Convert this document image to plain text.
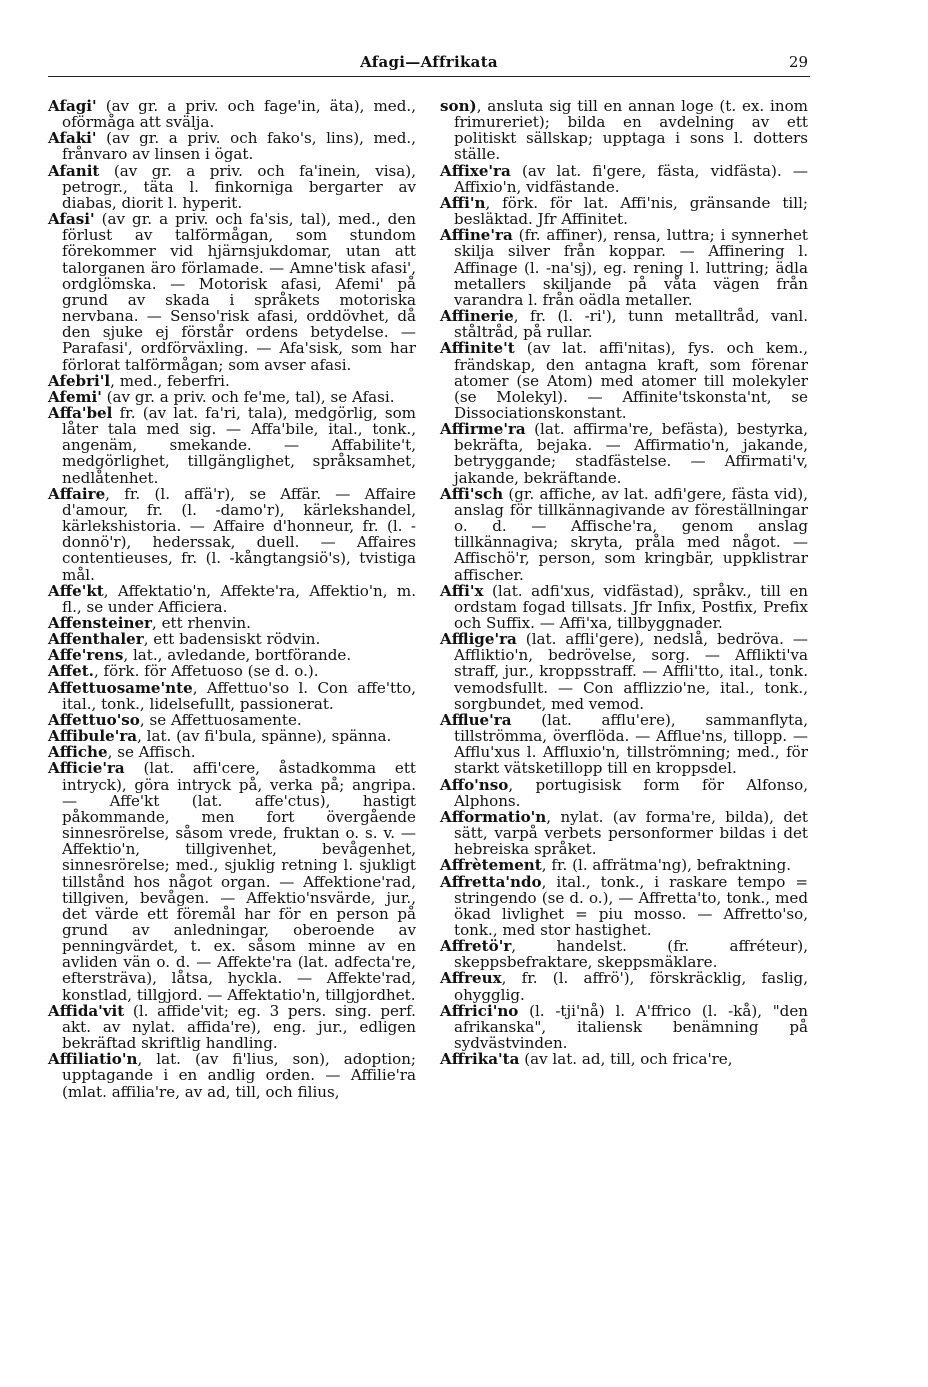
Afagi—Affrikata	29

Afagi' (av gr. a priv. och fage'in, äta), med., oförmåga att svälja.

Afaki' (av gr. a priv. och fako's, lins), med., frånvaro av linsen i ögat.

Afanit (av gr. a priv. och fa'inein, visa), petrogr., täta l. finkorniga bergarter av diabas, diorit l. hyperit.

Afasi' (av gr. a priv. och fa'sis, tal), med., den förlust av talförmågan, som stundom förekommer vid hjärnsjukdomar, utan att talorganen äro förlamade. — Amne'tisk afasi', ordglömska. — Motorisk afasi, Afemi' på grund av skada i språkets motoriska nervbana. — Senso'risk afasi, orddövhet, då den sjuke ej förstår ordens betydelse. — Parafasi', ordförväxling. — Afa'sisk, som har förlorat talförmågan; som avser afasi.

Afebri'l, med., feberfri.

Afemi' (av gr. a priv. och fe'me, tal), se Afasi.

Affa'bel fr. (av lat. fa'ri, tala), medgörlig, som låter tala med sig. — Affa'bile, ital., tonk., angenäm, smekande. — Affabilite't, medgörlighet, tillgänglighet, språksamhet, nedlåtenhet.

Affaire, fr. (l. affä'r), se Affär. — Affaire d'amour, fr. (l. -damo'r), kärlekshandel, kärlekshistoria. — Affaire d'honneur, fr. (l. -donnö'r), hederssak, duell. — Affaires contentieuses, fr. (l. -kångtangsiö's), tvistiga mål.

Affe'kt, Affektatio'n, Affekte'ra, Affektio'n, m. fl., se under Afficiera.

Affensteiner, ett rhenvin.

Affenthaler, ett badensiskt rödvin.

Affe'rens, lat., avledande, bortförande.

Affet., förk. för Affetuoso (se d. o.).

Affettuosame'nte, Affettuo'so l. Con affe'tto, ital., tonk., lidelsefullt, passionerat.

Affettuo'so, se Affettuosamente.

Affibule'ra, lat. (av fi'bula, spänne), spänna.

Affiche, se Affisch.

Afficie'ra (lat. affi'cere, åstadkomma ett intryck), göra intryck på, verka på; angripa. — Affe'kt (lat. affe'ctus), hastigt påkommande, men fort övergående sinnesrörelse, såsom vrede, fruktan o. s. v. — Affektio'n, tillgivenhet, bevågenhet, sinnesrörelse; med., sjuklig retning l. sjukligt tillstånd hos något organ. — Affektione'rad, tillgiven, bevågen. — Affektio'nsvärde, jur., det värde ett föremål har för en person på grund av anledningar, oberoende av penningvärdet, t. ex. såsom minne av en avliden vän o. d. — Affekte'ra (lat. adfecta're, eftersträva), låtsa, hyckla. — Affekte'rad, konstlad, tillgjord. — Affektatio'n, tillgjordhet.

Affida'vit (l. affide'vit; eg. 3 pers. sing. perf. akt. av nylat. affida're), eng. jur., edligen bekräftad skriftlig handling.

Affiliatio'n, lat. (av fi'lius, son), adoption; upptagande i en andlig orden. — Affilie'ra (mlat. affilia're, av ad, till, och filius,

son), ansluta sig till en annan loge (t. ex. inom frimureriet); bilda en avdelning av ett politiskt sällskap; upptaga i sons l. dotters ställe.

Affixe'ra (av lat. fi'gere, fästa, vidfästa). — Affixio'n, vidfästande.

Affi'n, förk. för lat. Affi'nis, gränsande till; besläktad. Jfr Affinitet.

Affine'ra (fr. affiner), rensa, luttra; i synnerhet skilja silver från koppar. — Affinering l. Affinage (l. -na'sj), eg. rening l. luttring; ädla metallers skiljande på våta vägen från varandra l. från oädla metaller.

Affinerie, fr. (l. -ri'), tunn metalltråd, vanl. ståltråd, på rullar.

Affinite't (av lat. affi'nitas), fys. och kem., frändskap, den antagna kraft, som förenar atomer (se Atom) med atomer till molekyler (se Molekyl). — Affinite'tskonsta'nt, se Dissociationskonstant.

Affirme'ra (lat. affirma're, befästa), bestyrka, bekräfta, bejaka. — Affirmatio'n, jakande, betryggande; stadfästelse. — Affirmati'v, jakande, bekräftande.

Affi'sch (gr. affiche, av lat. adfi'gere, fästa vid), anslag för tillkännagivande av föreställningar o. d. — Affische'ra, genom anslag tillkännagiva; skryta, pråla med något. — Affischö'r, person, som kringbär, uppklistrar affischer.

Affi'x (lat. adfi'xus, vidfästad), språkv., till en ordstam fogad tillsats. Jfr Infix, Postfix, Prefix och Suffix. — Affi'xa, tillbyggnader.

Afflige'ra (lat. affli'gere), nedslå, bedröva. — Affliktio'n, bedrövelse, sorg. — Afflikti'va straff, jur., kroppsstraff. — Affli'tto, ital., tonk. vemodsfullt. — Con afflizzio'ne, ital., tonk., sorgbundet, med vemod.

Afflue'ra (lat. afflu'ere), sammanflyta, tillströmma, överflöda. — Afflue'ns, tillopp. — Afflu'xus l. Affluxio'n, tillströmning; med., för starkt vätsketillopp till en kroppsdel.

Affo'nso, portugisisk form för Alfonso, Alphons.

Afformatio'n, nylat. (av forma're, bilda), det sätt, varpå verbets personformer bildas i det hebreiska språket.

Affrètement, fr. (l. affrätma'ng), befraktning.

Affretta'ndo, ital., tonk., i raskare tempo = stringendo (se d. o.), — Affretta'to, tonk., med ökad livlighet = piu mosso. — Affretto'so, tonk., med stor hastighet.

Affretö'r, handelst. (fr. affréteur), skeppsbefraktare, skeppsmäklare.

Affreux, fr. (l. affrö'), förskräcklig, faslig, ohygglig.

Affrici'no (l. -tji'nå) l. A'ffrico (l. -kå), "den afrikanska", italiensk benämning på sydvästvinden.

Affrika'ta (av lat. ad, till, och frica're,
